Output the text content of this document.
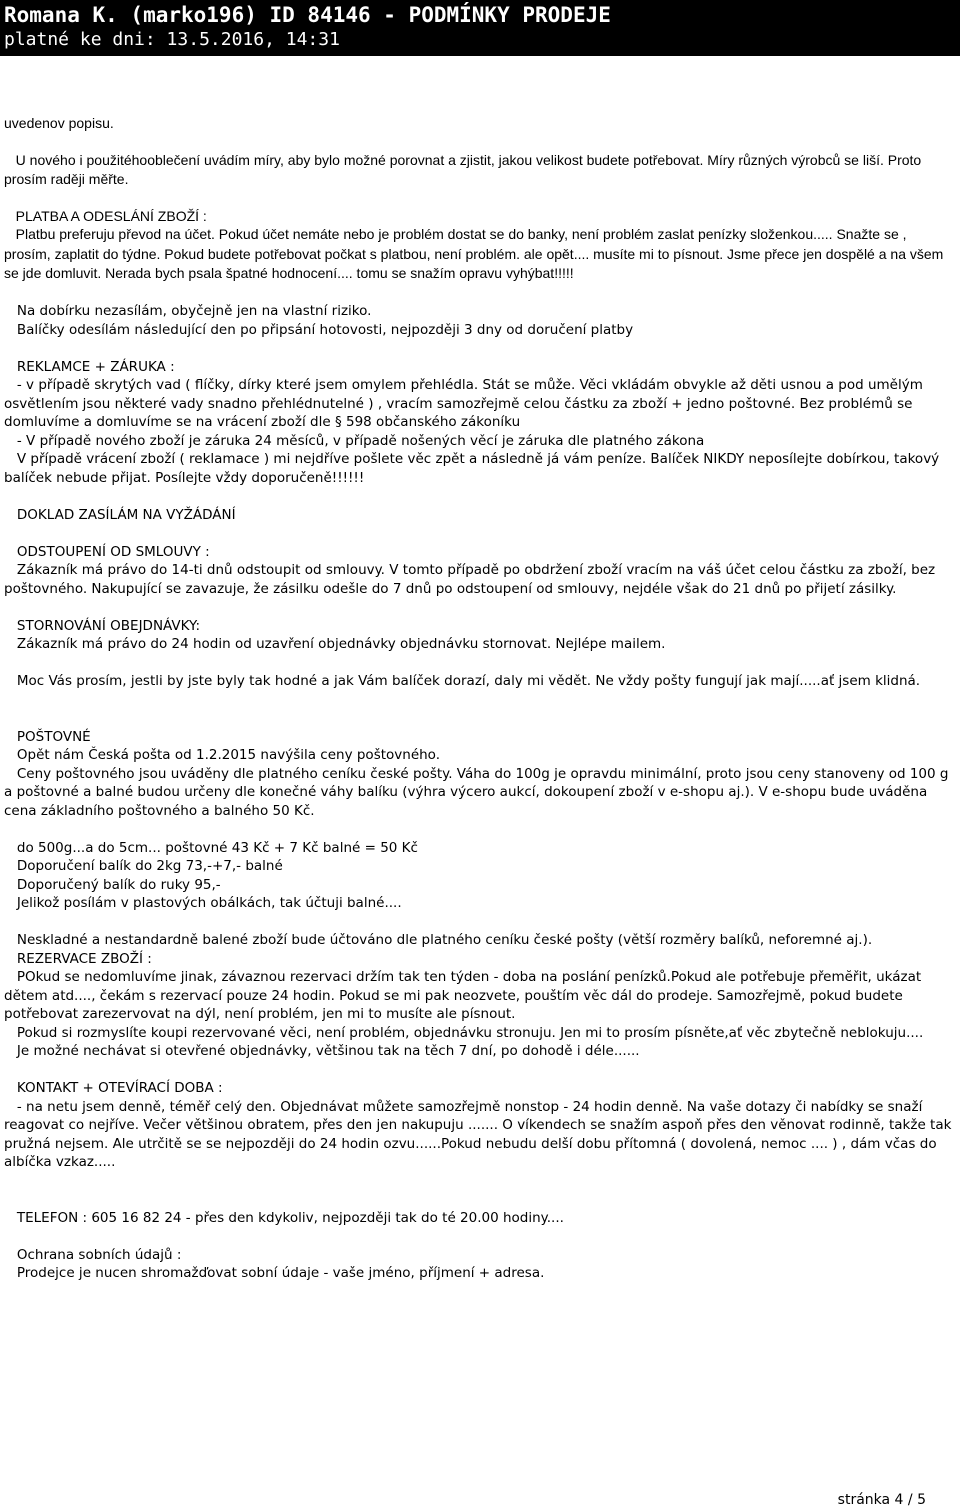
Romana K. (marko196) ID 84146 - PODMÍNKY PRODEJE
platné ke dni: 13.5.2016, 14:31

uvedenov popisu.

U nového i použitéhooblečení uvádím míry, aby bylo možné porovnat a zjistit, jakou velikost budete potřebovat. Míry různých výrobců se liší. Proto prosím raději měřte.

PLATBA A ODESLÁNÍ ZBOŽÍ :

Platbu preferuju převod na účet. Pokud účet nemáte nebo je problém dostat se do banky, není problém zaslat penízky složenkou..... Snažte se , prosím, zaplatit do týdne. Pokud budete potřebovat počkat s platbou, není problém. ale opět.... musíte mi to písnout. Jsme přece jen dospělé a na všem se jde domluvit. Nerada bych psala špatné hodnocení.... tomu se snažím opravu vyhýbat!!!!!

Na dobírku nezasílám, obyčejně jen na vlastní riziko.

Balíčky odesílám následující den po připsání hotovosti, nejpozději 3 dny od doručení platby

REKLAMCE + ZÁRUKA :

- v případě skrytých vad ( flíčky, dírky které jsem omylem přehlédla. Stát se může. Věci vkládám obvykle až děti usnou a pod umělým osvětlením jsou některé vady snadno přehlédnutelné ) , vracím samozřejmě celou částku za zboží + jedno poštovné. Bez problémů se domluvíme a domluvíme se na vrácení zboží dle § 598 občanského zákoníku

- V případě nového zboží je záruka 24 měsíců, v případě nošených věcí je záruka dle platného zákona

V případě vrácení zboží ( reklamace ) mi nejdříve pošlete věc zpět a následně já vám peníze. Balíček NIKDY neposílejte dobírkou, takový balíček nebude přijat. Posílejte vždy doporučeně!!!!!!

DOKLAD ZASÍLÁM NA VYŽÁDÁNÍ

ODSTOUPENÍ OD SMLOUVY :

Zákazník má právo do 14-ti dnů odstoupit od smlouvy. V tomto případě po obdržení zboží vracím na váš účet celou částku za zboží, bez poštovného. Nakupující se zavazuje, že zásilku odešle do 7 dnů po odstoupení od smlouvy, nejdéle však do 21 dnů po přijetí zásilky.

STORNOVÁNÍ OBEJDNÁVKY:

Zákazník má právo do 24 hodin od uzavření objednávky objednávku stornovat. Nejlépe mailem.

Moc Vás prosím, jestli by jste byly tak hodné a jak Vám balíček dorazí, daly mi vědět. Ne vždy pošty fungují jak mají.....ať jsem klidná.

POŠTOVNÉ

Opět nám Česká pošta od 1.2.2015 navýšila ceny poštovného.

Ceny poštovného jsou uváděny dle platného ceníku české pošty. Váha do 100g je opravdu minimální, proto jsou ceny stanoveny od 100 g a poštovné a balné budou určeny dle konečné váhy balíku (výhra výcero aukcí, dokoupení zboží v e-shopu aj.). V e-shopu bude uváděna cena základního poštovného a balného 50 Kč.

do 500g...a do 5cm... poštovné 43 Kč + 7 Kč balné = 50 Kč

Doporučení balík do 2kg 73,-+7,- balné

Doporučený balík do ruky 95,-

Jelikož posílám v plastových obálkách, tak účtuji balné....

Neskladné a nestandardně balené zboží bude účtováno dle platného ceníku české pošty (větší rozměry balíků, neforemné aj.).

REZERVACE ZBOŽÍ :

POkud se nedomluvíme jinak, závaznou rezervaci držím tak ten týden - doba na poslání penízků.Pokud ale potřebuje přemĕřit, ukázat dětem atd...., čekám s rezervací pouze 24 hodin. Pokud se mi pak neozvete, pouštím věc dál do prodeje. Samozřejmě, pokud budete potřebovat zarezervovat na dýl, není problém, jen mi to musíte ale písnout.

Pokud si rozmyslíte koupi rezervované věci, není problém, objednávku stronuju. Jen mi to prosím písněte,ať věc zbytečně neblokuju....

Je možné nechávat si otevřené objednávky, většinou tak na těch 7 dní, po dohodě i déle......

KONTAKT + OTEVÍRACÍ DOBA :

- na netu jsem denně, téměř celý den. Objednávat můžete samozřejmě nonstop - 24 hodin denně. Na vaše dotazy či nabídky se snaží reagovat co nejříve. Večer většinou obratem, přes den jen nakupuju ....... O víkendech se snažím aspoň přes den věnovat rodinně, takže tak pružná nejsem. Ale utrčitě se se nejpozději do 24 hodin ozvu......Pokud nebudu delší dobu přítomná ( dovolená, nemoc .... ) , dám včas do albíčka vzkaz.....

TELEFON : 605 16 82 24 - přes den kdykoliv, nejpozději tak do té 20.00 hodiny....

Ochrana sobních údajů :

Prodejce je nucen shromažďovat sobní údaje - vaše jméno, příjmení + adresa.

stránka 4 / 5
